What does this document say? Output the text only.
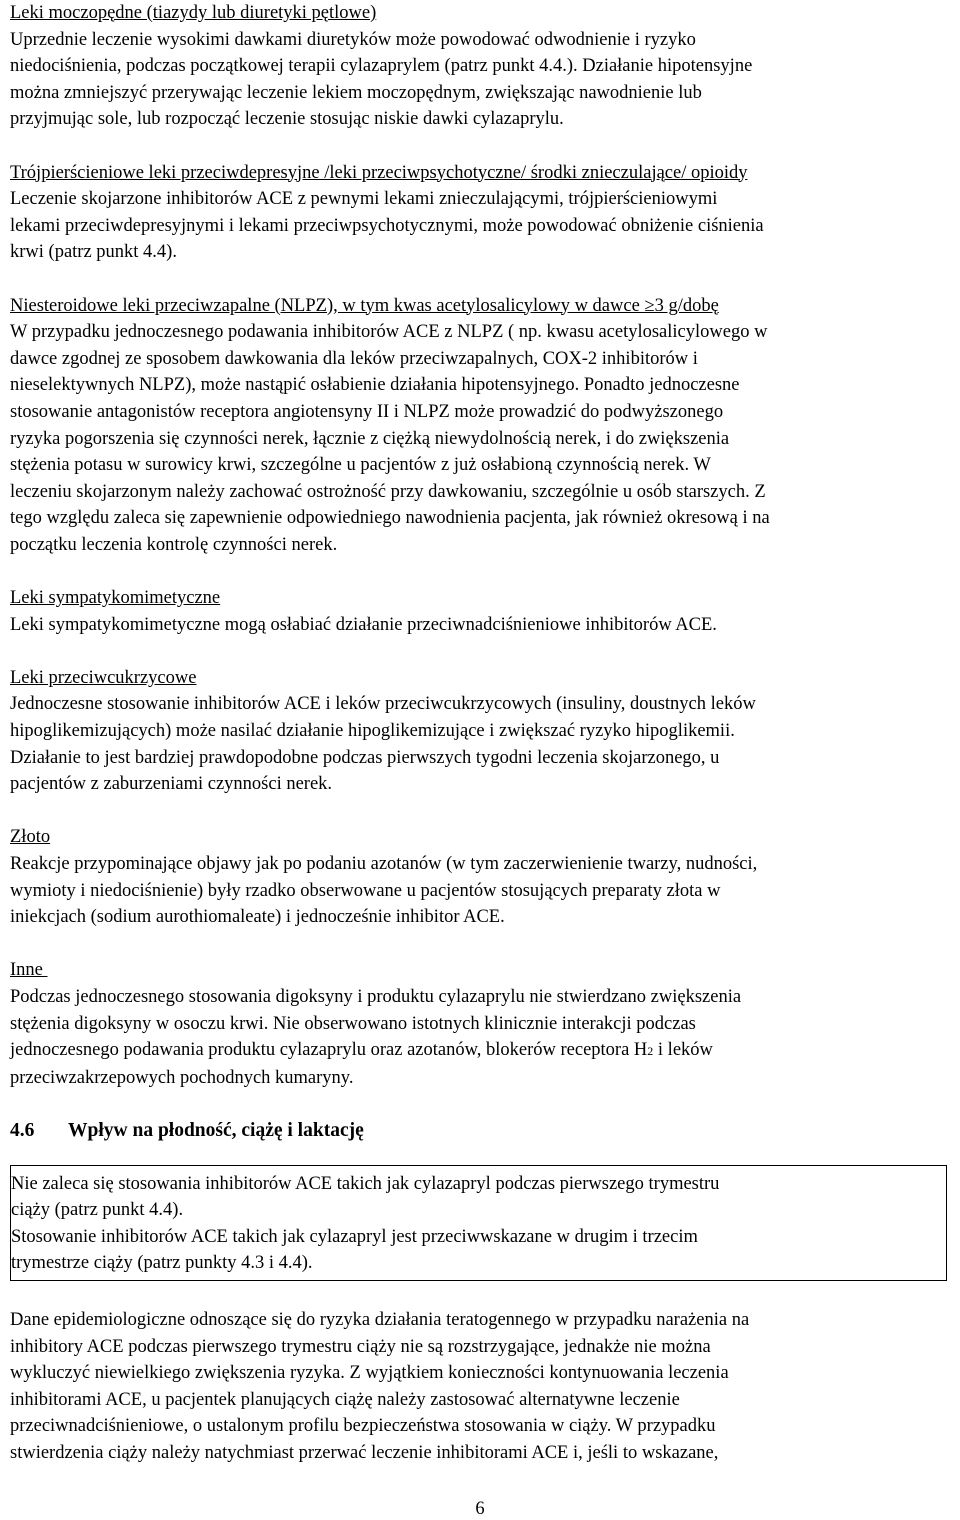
Leki moczopędne (tiazydy lub diuretyki pętlowe)
Uprzednie leczenie wysokimi dawkami diuretyków może powodować odwodnienie i ryzyko
niedociśnienia, podczas początkowej terapii cylazaprylem (patrz punkt 4.4.). Działanie hipotensyjne
można zmniejszyć przerywając leczenie lekiem moczopędnym, zwiększając nawodnienie lub
przyjmując sole, lub rozpocząć leczenie stosując niskie dawki cylazaprylu.
Trójpierścieniowe leki przeciwdepresyjne /leki przeciwpsychotyczne/ środki znieczulające/ opioidy
Leczenie skojarzone inhibitorów ACE z pewnymi lekami znieczulającymi, trójpierścieniowymi
lekami przeciwdepresyjnymi i lekami przeciwpsychotycznymi, może powodować obniżenie ciśnienia
krwi (patrz punkt 4.4).
Niesteroidowe leki przeciwzapalne (NLPZ), w tym kwas acetylosalicylowy w dawce ≥3 g/dobę
W przypadku jednoczesnego podawania inhibitorów ACE z NLPZ ( np. kwasu acetylosalicylowego w
dawce zgodnej ze sposobem dawkowania dla leków przeciwzapalnych, COX-2 inhibitorów i
nieselektywnych NLPZ), może nastąpić osłabienie działania hipotensyjnego. Ponadto jednoczesne
stosowanie antagonistów receptora angiotensyny II i NLPZ może prowadzić do podwyższonego
ryzyka pogorszenia się czynności nerek, łącznie z ciężką niewydolnością nerek, i do zwiększenia
stężenia potasu w surowicy krwi, szczególne u pacjentów z już osłabioną czynnością nerek. W
leczeniu skojarzonym należy zachować ostrożność przy dawkowaniu, szczególnie u osób starszych. Z
tego względu zaleca się zapewnienie odpowiedniego nawodnienia pacjenta, jak również okresową i na
początku leczenia kontrolę czynności nerek.
Leki sympatykomimetyczne
Leki sympatykomimetyczne mogą osłabiać działanie przeciwnadciśnieniowe inhibitorów ACE.
Leki przeciwcukrzycowe
Jednoczesne stosowanie inhibitorów ACE i leków przeciwcukrzycowych (insuliny, doustnych leków
hipoglikemizujących) może nasilać działanie hipoglikemizujące i zwiększać ryzyko hipoglikemii.
Działanie to jest bardziej prawdopodobne podczas pierwszych tygodni leczenia skojarzonego, u
pacjentów z zaburzeniami czynności nerek.
Złoto
Reakcje przypominające objawy jak po podaniu azotanów (w tym zaczerwienienie twarzy, nudności,
wymioty i niedociśnienie) były rzadko obserwowane u pacjentów stosujących preparaty złota w
iniekcjach (sodium aurothiomaleate) i jednocześnie inhibitor ACE.
Inne
Podczas jednoczesnego stosowania digoksyny i produktu cylazaprylu nie stwierdzano zwiększenia
stężenia digoksyny w osoczu krwi. Nie obserwowano istotnych klinicznie interakcji podczas
jednoczesnego podawania produktu cylazaprylu oraz azotanów, blokerów receptora H2 i leków
przeciwzakrzepowych pochodnych kumaryny.
4.6	Wpływ na płodność, ciążę i laktację
Nie zaleca się stosowania inhibitorów ACE takich jak cylazapryl podczas pierwszego trymestru
ciąży (patrz punkt 4.4).
Stosowanie inhibitorów ACE takich jak cylazapryl jest przeciwwskazane w drugim i trzecim
trymestrze ciąży (patrz punkty 4.3 i 4.4).
Dane epidemiologiczne odnoszące się do ryzyka działania teratogennego w przypadku narażenia na
inhibitory ACE podczas pierwszego trymestru ciąży nie są rozstrzygające, jednakże nie można
wykluczyć niewielkiego zwiększenia ryzyka. Z wyjątkiem konieczności kontynuowania leczenia
inhibitorami ACE, u pacjentek planujących ciążę należy zastosować alternatywne leczenie
przeciwnadciśnieniowe, o ustalonym profilu bezpieczeństwa stosowania w ciąży. W przypadku
stwierdzenia ciąży należy natychmiast przerwać leczenie inhibitorami ACE i, jeśli to wskazane,
6
